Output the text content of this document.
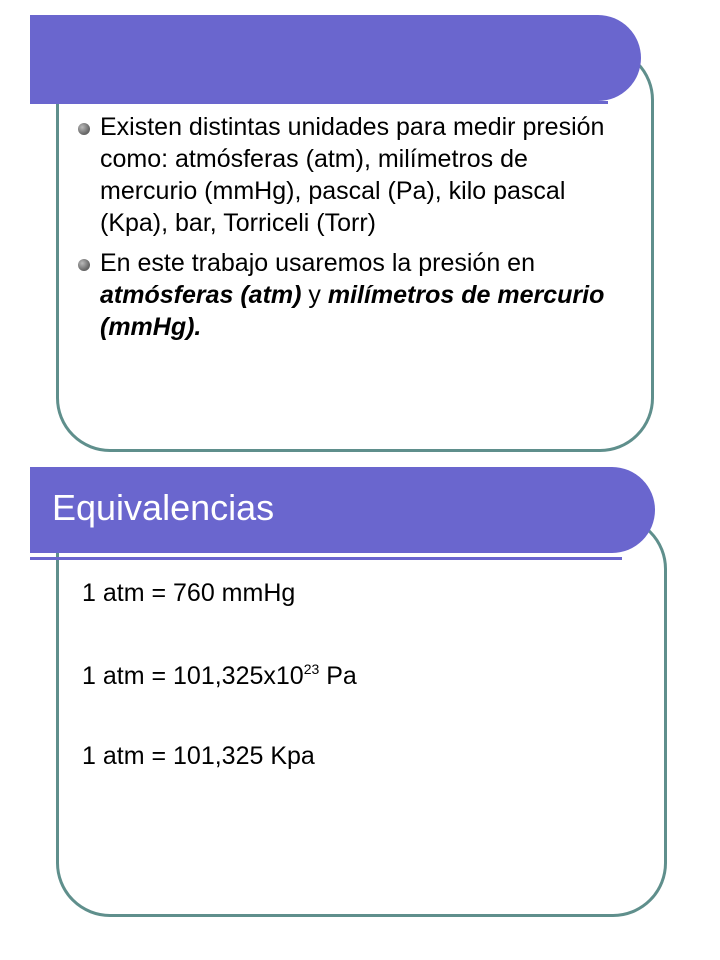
Existen distintas unidades para medir presión como: atmósferas (atm), milímetros de mercurio (mmHg), pascal (Pa), kilo pascal (Kpa), bar, Torriceli (Torr)
En este trabajo usaremos la presión en atmósferas (atm) y milímetros de mercurio (mmHg).
Equivalencias
1 atm = 760 mmHg
1 atm = $101,325x10^{23}$ Pa
1 atm = 101,325 Kpa
